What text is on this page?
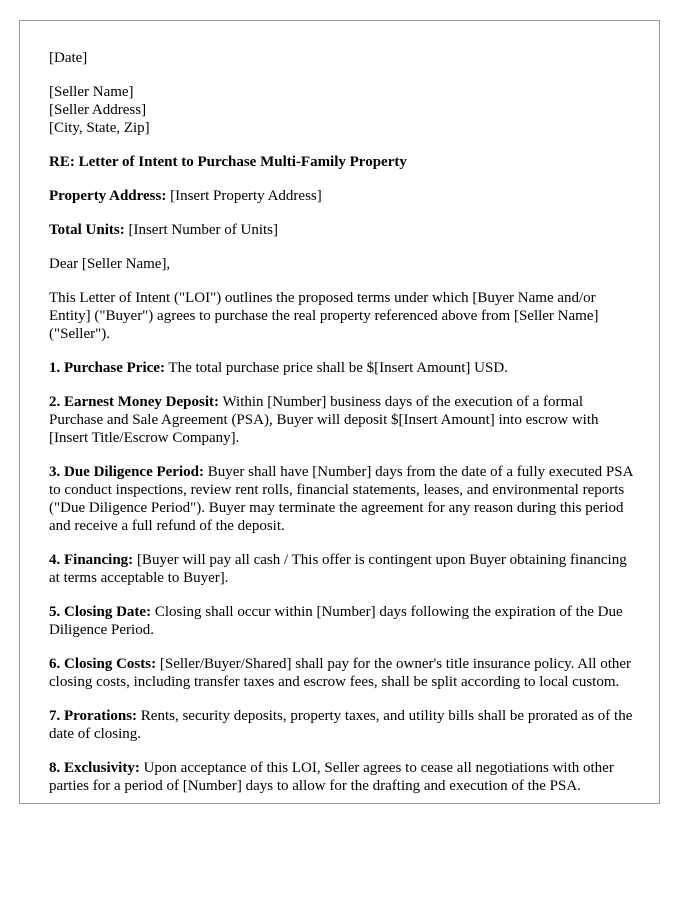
[Date]

[Seller Name]
[Seller Address]
[City, State, Zip]

RE: Letter of Intent to Purchase Multi-Family Property

Property Address: [Insert Property Address]

Total Units: [Insert Number of Units]

Dear [Seller Name],

This Letter of Intent ("LOI") outlines the proposed terms under which [Buyer Name and/or Entity] ("Buyer") agrees to purchase the real property referenced above from [Seller Name] ("Seller").

1. Purchase Price: The total purchase price shall be $[Insert Amount] USD.

2. Earnest Money Deposit: Within [Number] business days of the execution of a formal Purchase and Sale Agreement (PSA), Buyer will deposit $[Insert Amount] into escrow with [Insert Title/Escrow Company].

3. Due Diligence Period: Buyer shall have [Number] days from the date of a fully executed PSA to conduct inspections, review rent rolls, financial statements, leases, and environmental reports ("Due Diligence Period"). Buyer may terminate the agreement for any reason during this period and receive a full refund of the deposit.

4. Financing: [Buyer will pay all cash / This offer is contingent upon Buyer obtaining financing at terms acceptable to Buyer].

5. Closing Date: Closing shall occur within [Number] days following the expiration of the Due Diligence Period.

6. Closing Costs: [Seller/Buyer/Shared] shall pay for the owner's title insurance policy. All other closing costs, including transfer taxes and escrow fees, shall be split according to local custom.

7. Prorations: Rents, security deposits, property taxes, and utility bills shall be prorated as of the date of closing.

8. Exclusivity: Upon acceptance of this LOI, Seller agrees to cease all negotiations with other parties for a period of [Number] days to allow for the drafting and execution of the PSA.
